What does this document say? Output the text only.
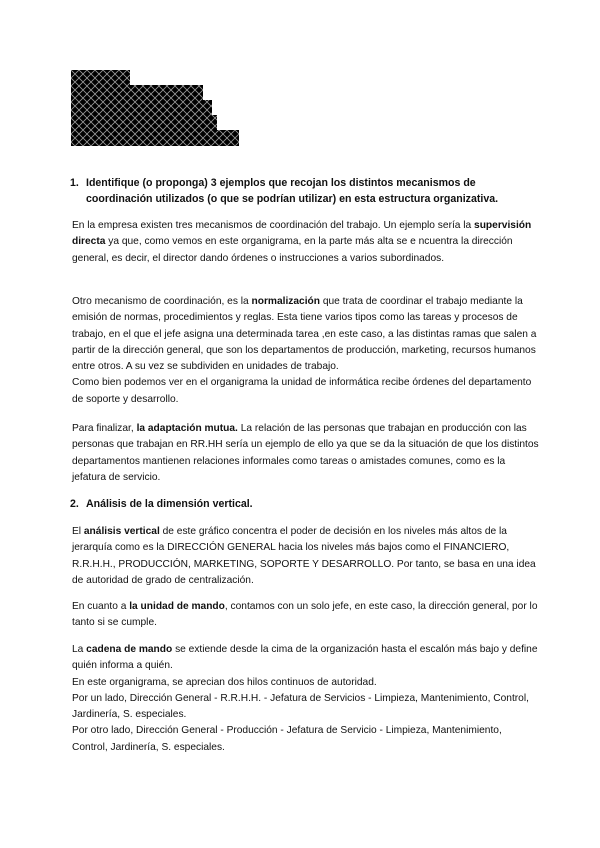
1. Identifique (o proponga) 3 ejemplos que recojan los distintos mecanismos de coordinación utilizados (o que se podrían utilizar) en esta estructura organizativa.

En la empresa existen tres mecanismos de coordinación del trabajo. Un ejemplo sería la supervisión directa ya que, como vemos en este organigrama, en la parte más alta se e ncuentra la dirección general, es decir, el director dando órdenes o instrucciones a varios subordinados.

Otro mecanismo de coordinación, es la normalización que trata de coordinar el trabajo mediante la emisión de normas, procedimientos y reglas. Esta tiene varios tipos como las tareas y procesos de trabajo, en el que el jefe asigna una determinada tarea ,en este caso, a las distintas ramas que salen a partir de la dirección general, que son los departamentos de producción, marketing, recursos humanos entre otros. A su vez se subdividen en unidades de trabajo.
Como bien podemos ver en el organigrama la unidad de informática recibe órdenes del departamento de soporte y desarrollo.

Para finalizar, la adaptación mutua. La relación de las personas que trabajan en producción con las personas que trabajan en RR.HH sería un ejemplo de ello ya que se da la situación de que los distintos departamentos mantienen relaciones informales como tareas o amistades comunes, como es la jefatura de servicio.

2. Análisis de la dimensión vertical.

El análisis vertical de este gráfico concentra el poder de decisión en los niveles más altos de la jerarquía como es la DIRECCIÓN GENERAL hacia los niveles más bajos como el FINANCIERO, R.R.H.H., PRODUCCIÓN, MARKETING, SOPORTE Y DESARROLLO. Por tanto, se basa en una idea de autoridad de grado de centralización.

En cuanto a la unidad de mando, contamos con un solo jefe, en este caso, la dirección general, por lo tanto si se cumple.

La cadena de mando se extiende desde la cima de la organización hasta el escalón más bajo y define quién informa a quién.
En este organigrama, se aprecian dos hilos continuos de autoridad.
Por un lado, Dirección General - R.R.H.H. - Jefatura de Servicios - Limpieza, Mantenimiento, Control, Jardinería, S. especiales.
Por otro lado, Dirección General - Producción - Jefatura de Servicio - Limpieza, Mantenimiento, Control, Jardinería, S. especiales.
